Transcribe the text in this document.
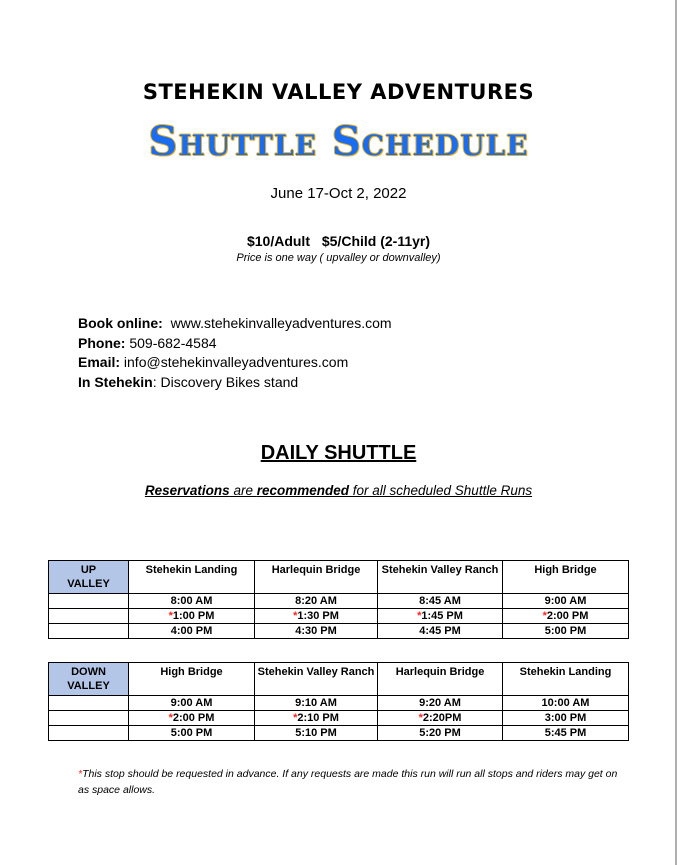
STEHEKIN VALLEY ADVENTURES
Shuttle Schedule
June 17-Oct 2, 2022
$10/Adult $5/Child (2-11yr)
Price is one way ( upvalley or downvalley)
Book online: www.stehekinvalleyadventures.com
Phone: 509-682-4584
Email: info@stehekinvalleyadventures.com
In Stehekin: Discovery Bikes stand
DAILY SHUTTLE
Reservations are recommended for all scheduled Shuttle Runs
UP
VALLEY	Stehekin Landing	Harlequin Bridge	Stehekin Valley Ranch	High Bridge
	8:00 AM	8:20 AM	8:45 AM	9:00 AM
	*1:00 PM	*1:30 PM	*1:45 PM	*2:00 PM
	4:00 PM	4:30 PM	4:45 PM	5:00 PM
DOWN
VALLEY	High Bridge	Stehekin Valley Ranch	Harlequin Bridge	Stehekin Landing
	9:00 AM	9:10 AM	9:20 AM	10:00 AM
	*2:00 PM	*2:10 PM	*2:20PM	3:00 PM
	5:00 PM	5:10 PM	5:20 PM	5:45 PM
*This stop should be requested in advance. If any requests are made this run will run all stops and riders may get on as space allows.
